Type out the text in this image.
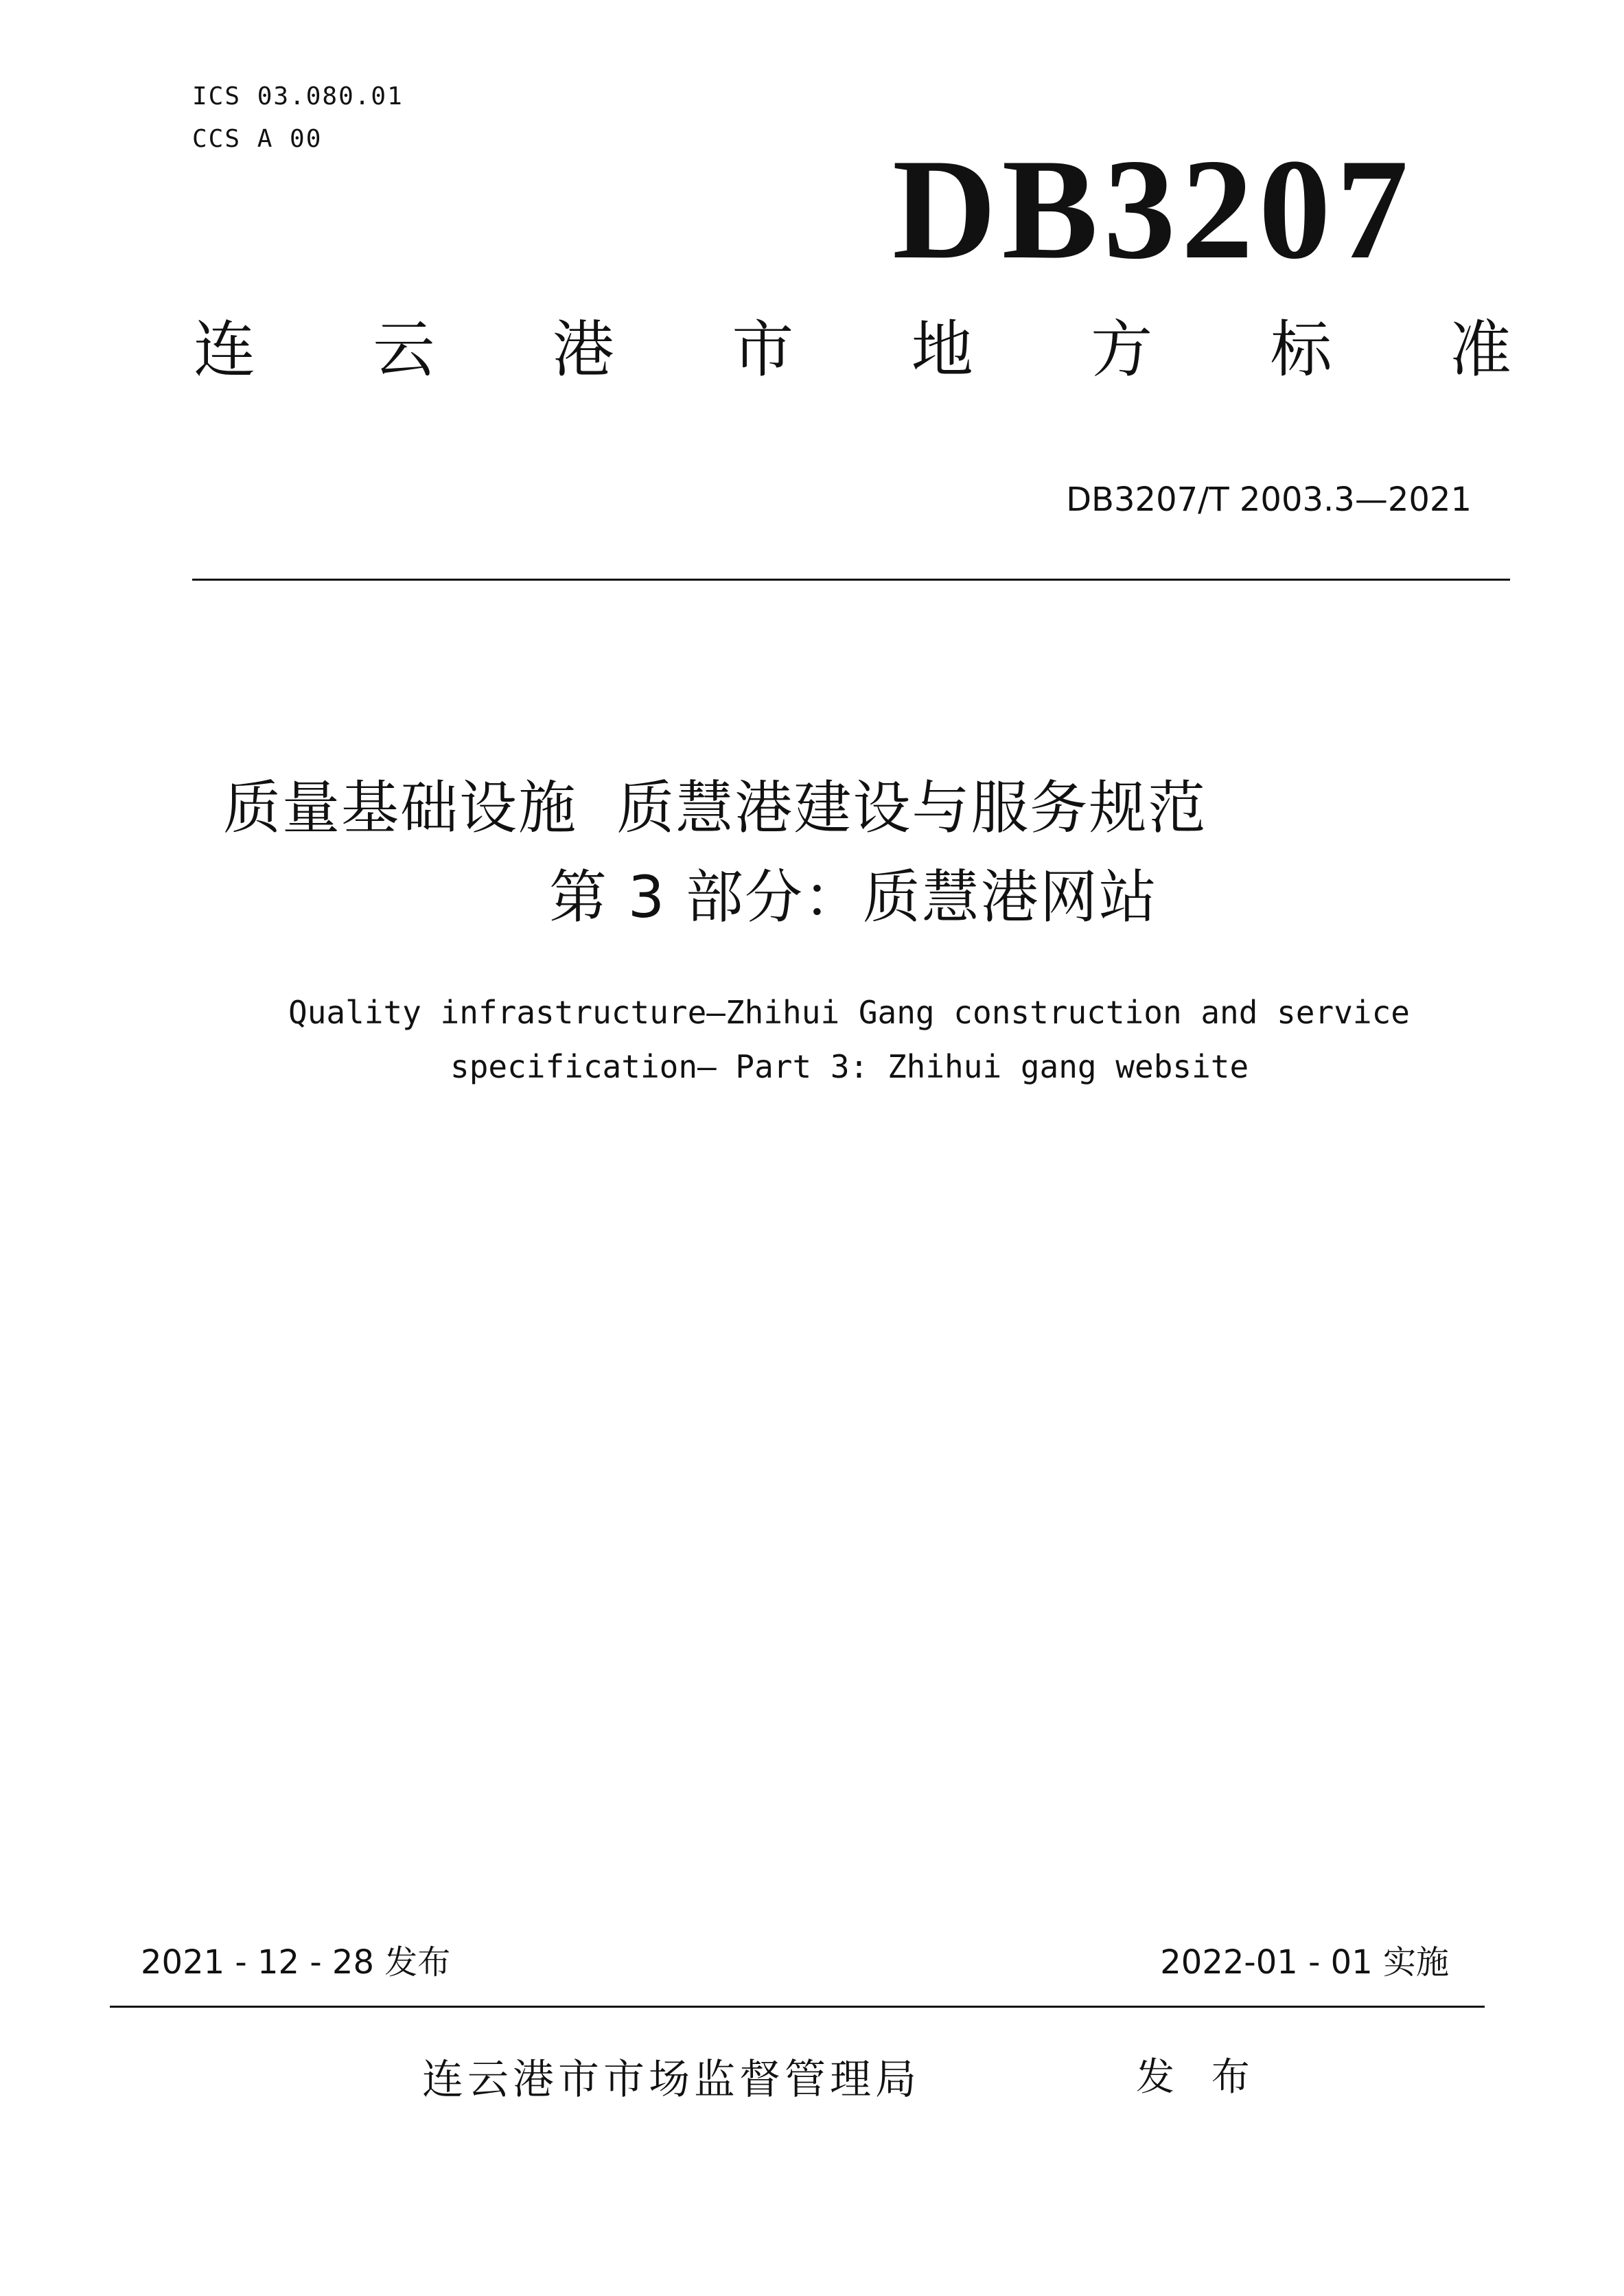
ICS 03.080.01
CCS A 00	DB3207
连 云 港 市 地 方 标 准
DB3207/T 2003.3—2021
质量基础设施  质慧港建设与服务规范
第 3 部分：质慧港网站
Quality infrastructure—Zhihui Gang construction and service
specification— Part 3: Zhihui gang website
2021 - 12 - 28 发布	2022-01 - 01 实施
连云港市市场监督管理局	发 布
